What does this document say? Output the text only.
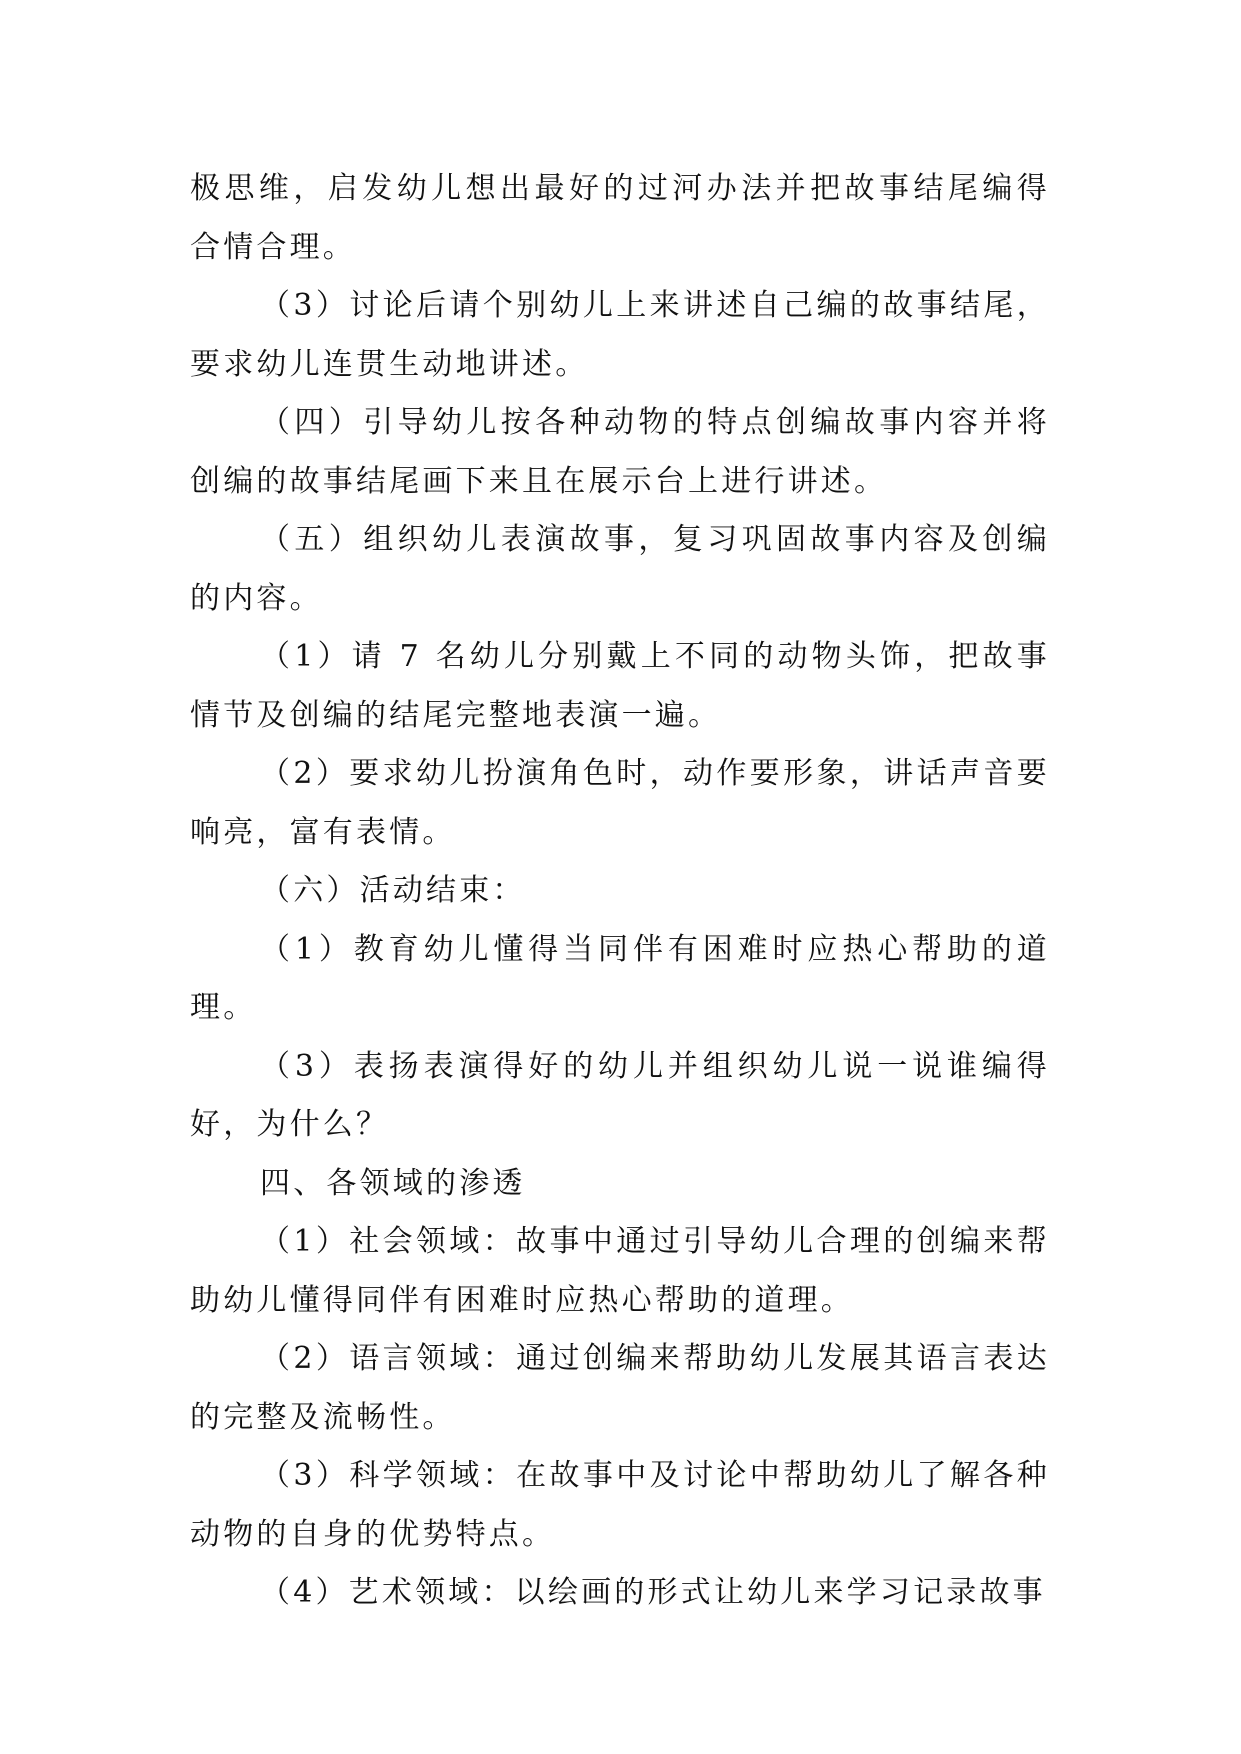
极思维，启发幼儿想出最好的过河办法并把故事结尾编得合情合理。

（3）讨论后请个别幼儿上来讲述自己编的故事结尾，要求幼儿连贯生动地讲述。

（四）引导幼儿按各种动物的特点创编故事内容并将创编的故事结尾画下来且在展示台上进行讲述。

（五）组织幼儿表演故事，复习巩固故事内容及创编的内容。

（1）请 7 名幼儿分别戴上不同的动物头饰，把故事情节及创编的结尾完整地表演一遍。

（2）要求幼儿扮演角色时，动作要形象，讲话声音要响亮，富有表情。

（六）活动结束：

（1）教育幼儿懂得当同伴有困难时应热心帮助的道理。

（3）表扬表演得好的幼儿并组织幼儿说一说谁编得好，为什么？

四、各领域的渗透

（1）社会领域：故事中通过引导幼儿合理的创编来帮助幼儿懂得同伴有困难时应热心帮助的道理。

（2）语言领域：通过创编来帮助幼儿发展其语言表达的完整及流畅性。

（3）科学领域：在故事中及讨论中帮助幼儿了解各种动物的自身的优势特点。

（4）艺术领域：以绘画的形式让幼儿来学习记录故事
